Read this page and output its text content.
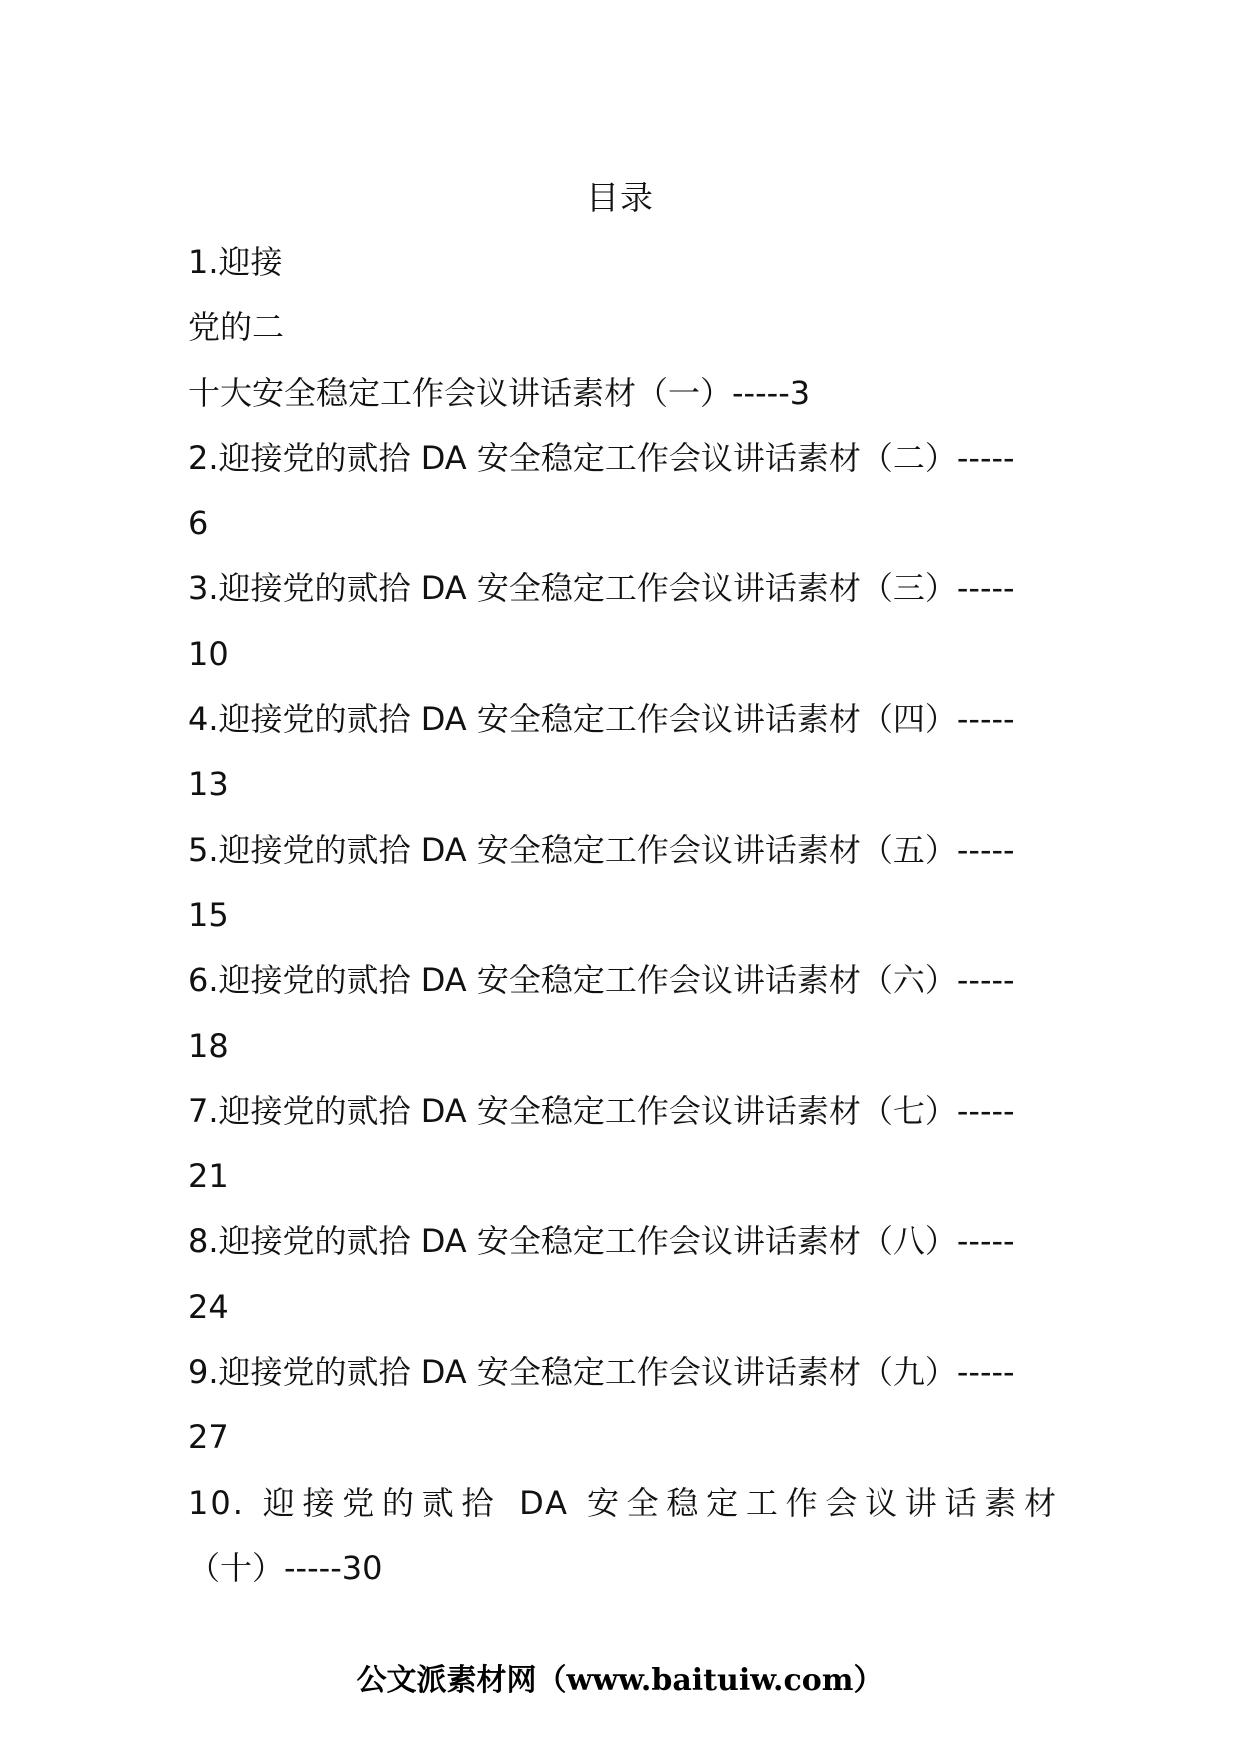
目录
1.迎接
党的二
十大安全稳定工作会议讲话素材（一）-----3
2.迎接党的贰拾 DA 安全稳定工作会议讲话素材（二）-----
6
3.迎接党的贰拾 DA 安全稳定工作会议讲话素材（三）-----
10
4.迎接党的贰拾 DA 安全稳定工作会议讲话素材（四）-----
13
5.迎接党的贰拾 DA 安全稳定工作会议讲话素材（五）-----
15
6.迎接党的贰拾 DA 安全稳定工作会议讲话素材（六）-----
18
7.迎接党的贰拾 DA 安全稳定工作会议讲话素材（七）-----
21
8.迎接党的贰拾 DA 安全稳定工作会议讲话素材（八）-----
24
9.迎接党的贰拾 DA 安全稳定工作会议讲话素材（九）-----
27
10. 迎接党的贰拾 DA 安全稳定工作会议讲话素材
（十）-----30
公文派素材网（www.baituiw.com）
